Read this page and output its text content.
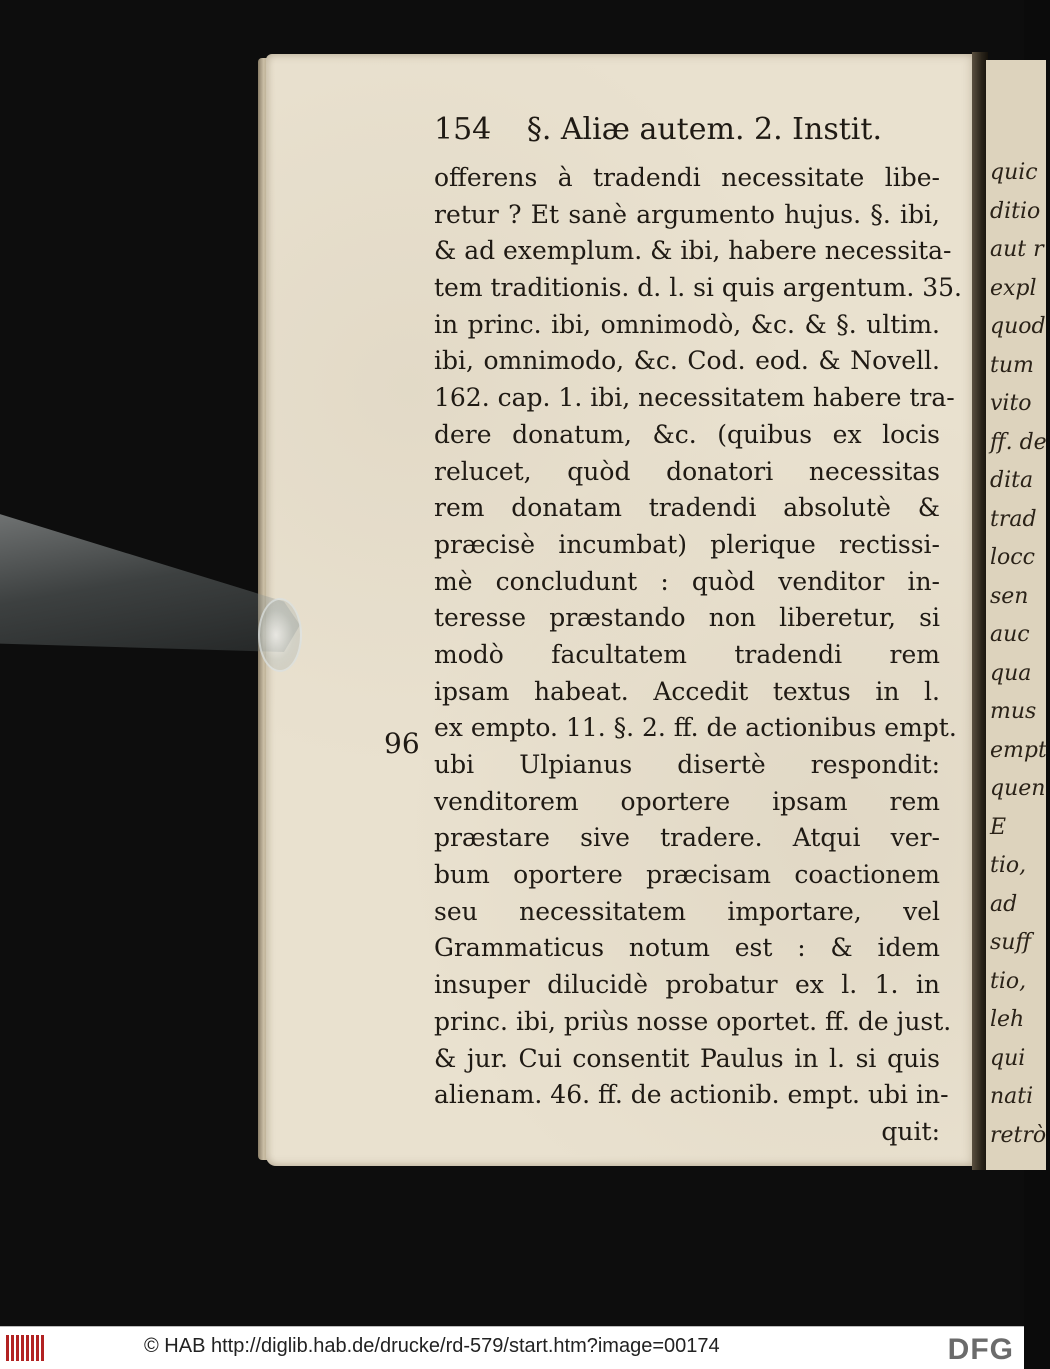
quic
ditio
aut r
expl
quod
tum
vito
ff. de
dita
trad
locc
sen
auc
qua
mus
empt
quen
E
tio,
ad
suff
tio,
leh
qui
nati
retrò
154 §. Aliæ autem. 2. Instit.
96
offerens à tradendi necessitate libe-
retur ? Et sanè argumento hujus. §. ibi,
& ad exemplum. & ibi, habere necessita-
tem traditionis. d. l. si quis argentum. 35.
in princ. ibi, omnimodò, &c. & §. ultim.
ibi, omnimodo, &c. Cod. eod. & Novell.
162. cap. 1. ibi, necessitatem habere tra-
dere donatum, &c. (quibus ex locis
relucet, quòd donatori necessitas
rem donatam tradendi absolutè &
præcisè incumbat) plerique rectissi-
mè concludunt : quòd venditor in-
teresse præstando non liberetur, si
modò facultatem tradendi rem
ipsam habeat. Accedit textus in l.
ex empto. 11. §. 2. ff. de actionibus empt.
ubi Ulpianus disertè respondit:
venditorem oportere ipsam rem
præstare sive tradere. Atqui ver-
bum oportere præcisam coactionem
seu necessitatem importare, vel
Grammaticus notum est : & idem
insuper dilucidè probatur ex l. 1. in
princ. ibi, priùs nosse oportet. ff. de just.
& jur. Cui consentit Paulus in l. si quis
alienam. 46. ff. de actionib. empt. ubi in-
quit:
© HAB http://diglib.hab.de/drucke/rd-579/start.htm?image=00174	DFG
